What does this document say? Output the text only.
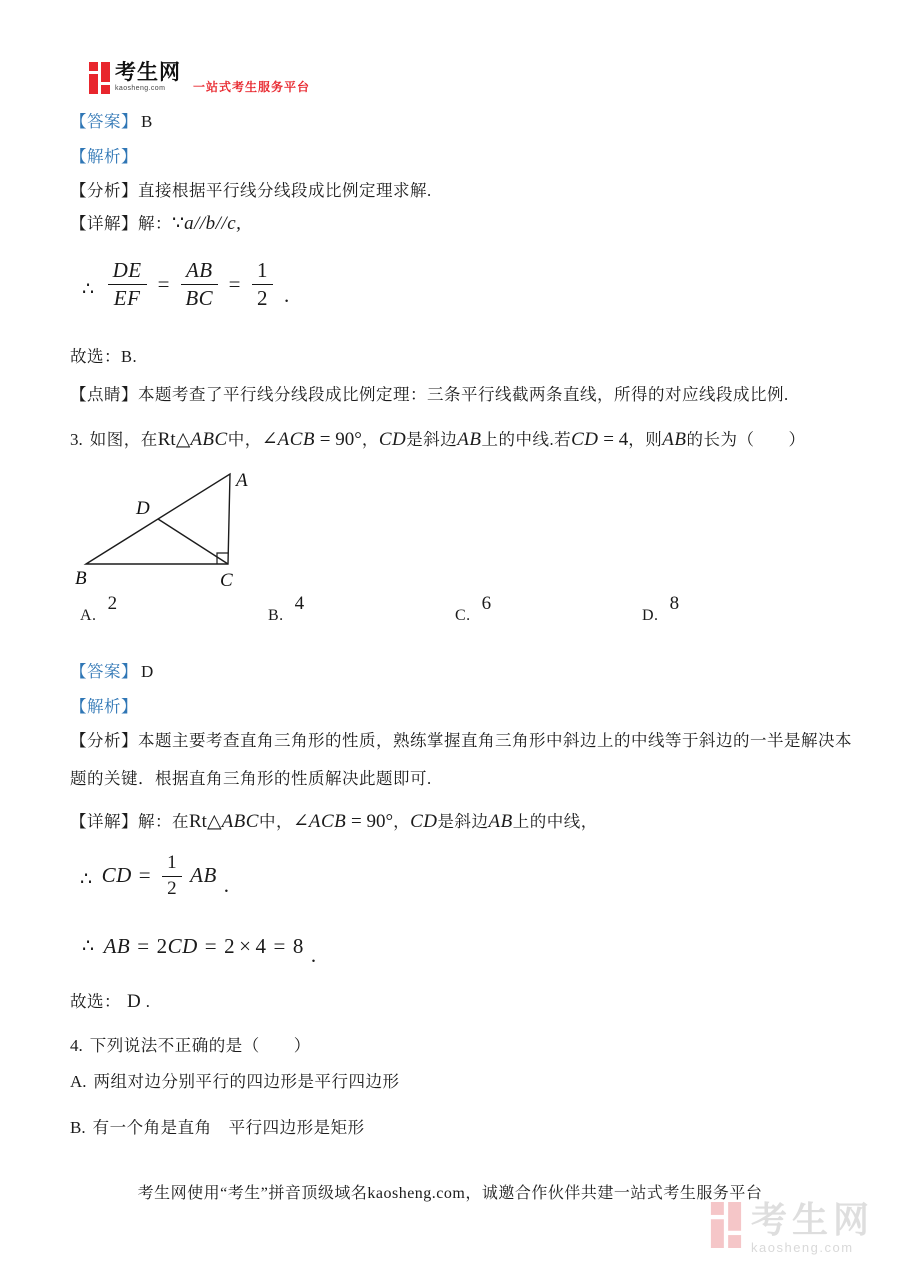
考生网
kaosheng.com 一站式考生服务平台
【答案】 B
【解析】
【分析】直接根据平行线分线段成比例定理求解.
【详解】解：∵a//b//c,
∴ $\frac{DE}{EF} = \frac{AB}{BC} = \frac{1}{2}$ .
故选：B.
【点睛】本题考查了平行线分线段成比例定理：三条平行线截两条直线，所得的对应线段成比例.
3. 如图，在Rt△ABC中，∠ACB = 90°，CD是斜边AB上的中线.若CD = 4，则AB的长为（　　）
A
B	C
D
A.2
B.4
C.6
D.8
【答案】 D
【解析】
【分析】本题主要考查直角三角形的性质，熟练掌握直角三角形中斜边上的中线等于斜边的一半是解决本
题的关键．根据直角三角形的性质解决此题即可.
【详解】解：在Rt△ABC中，∠ACB = 90°，CD是斜边AB上的中线，
∴ CD = $\frac{1}{2}$ AB .
∴ AB = 2 CD = 2 × 4 = 8 .
故选： D .
4. 下列说法不正确的是（　　）
A. 两组对边分别平行的四边形是平行四边形
B. 有一个角是直角　平行四边形是矩形
考生网使用“考生”拼音顶级域名kaosheng.com，诚邀合作伙伴共建一站式考生服务平台
考生网
kaosheng.com
